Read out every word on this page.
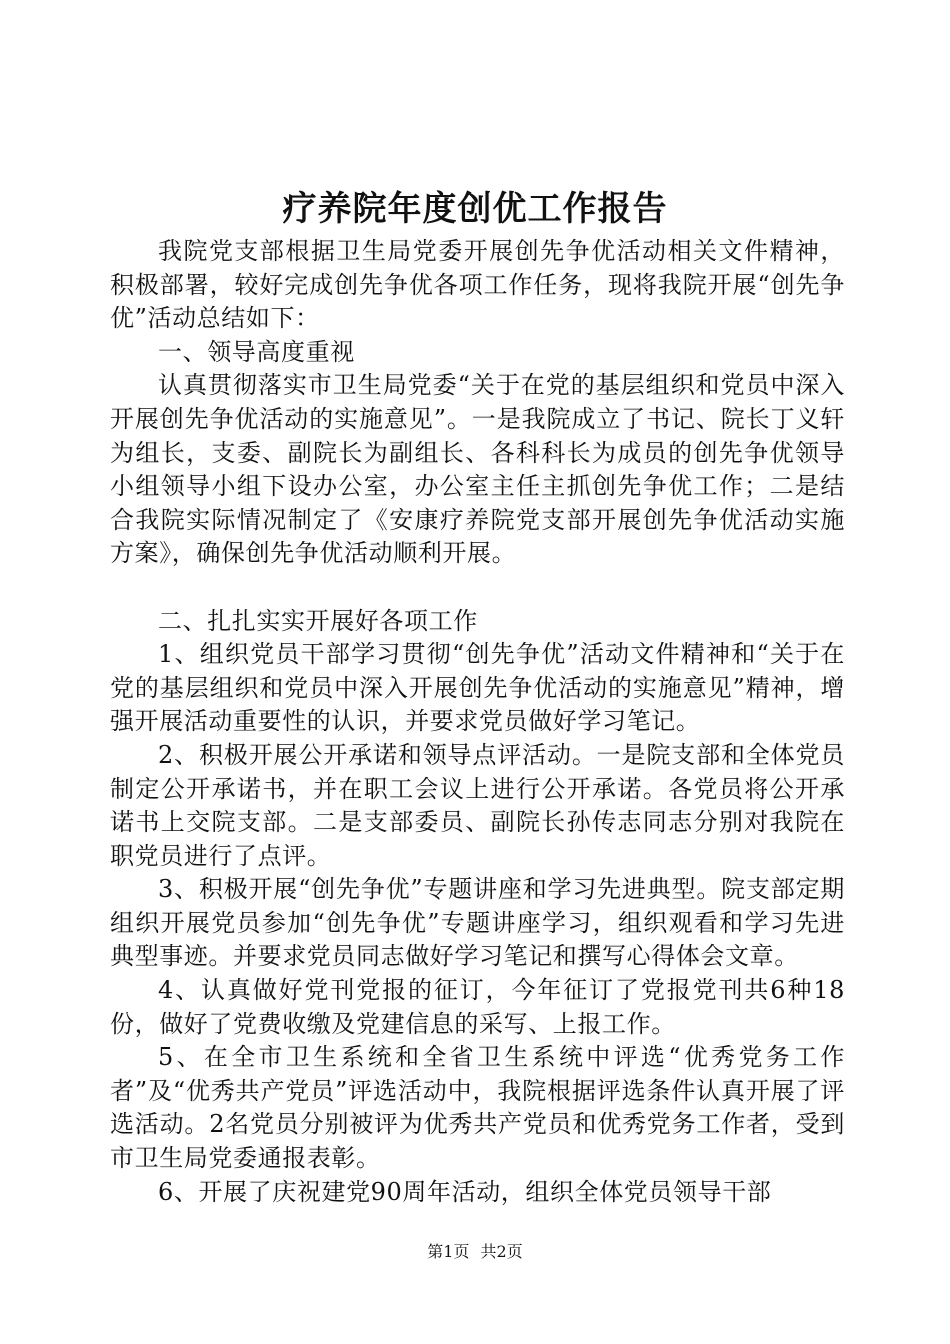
疗养院年度创优工作报告

我院党支部根据卫生局党委开展创先争优活动相关文件精神，积极部署，较好完成创先争优各项工作任务，现将我院开展“创先争优”活动总结如下：

一、领导高度重视

认真贯彻落实市卫生局党委“关于在党的基层组织和党员中深入开展创先争优活动的实施意见”。一是我院成立了书记、院长丁义轩为组长，支委、副院长为副组长、各科科长为成员的创先争优领导小组领导小组下设办公室，办公室主任主抓创先争优工作；二是结合我院实际情况制定了《安康疗养院党支部开展创先争优活动实施方案》，确保创先争优活动顺利开展。

二、扎扎实实开展好各项工作

1、组织党员干部学习贯彻“创先争优”活动文件精神和“关于在党的基层组织和党员中深入开展创先争优活动的实施意见”精神，增强开展活动重要性的认识，并要求党员做好学习笔记。

2、积极开展公开承诺和领导点评活动。一是院支部和全体党员制定公开承诺书，并在职工会议上进行公开承诺。各党员将公开承诺书上交院支部。二是支部委员、副院长孙传志同志分别对我院在职党员进行了点评。

3、积极开展“创先争优”专题讲座和学习先进典型。院支部定期组织开展党员参加“创先争优”专题讲座学习，组织观看和学习先进典型事迹。并要求党员同志做好学习笔记和撰写心得体会文章。

4、认真做好党刊党报的征订，今年征订了党报党刊共6种18份，做好了党费收缴及党建信息的采写、上报工作。

5、在全市卫生系统和全省卫生系统中评选“优秀党务工作者”及“优秀共产党员”评选活动中，我院根据评选条件认真开展了评选活动。2名党员分别被评为优秀共产党员和优秀党务工作者，受到市卫生局党委通报表彰。

6、开展了庆祝建党90周年活动，组织全体党员领导干部

第1页 共2页
